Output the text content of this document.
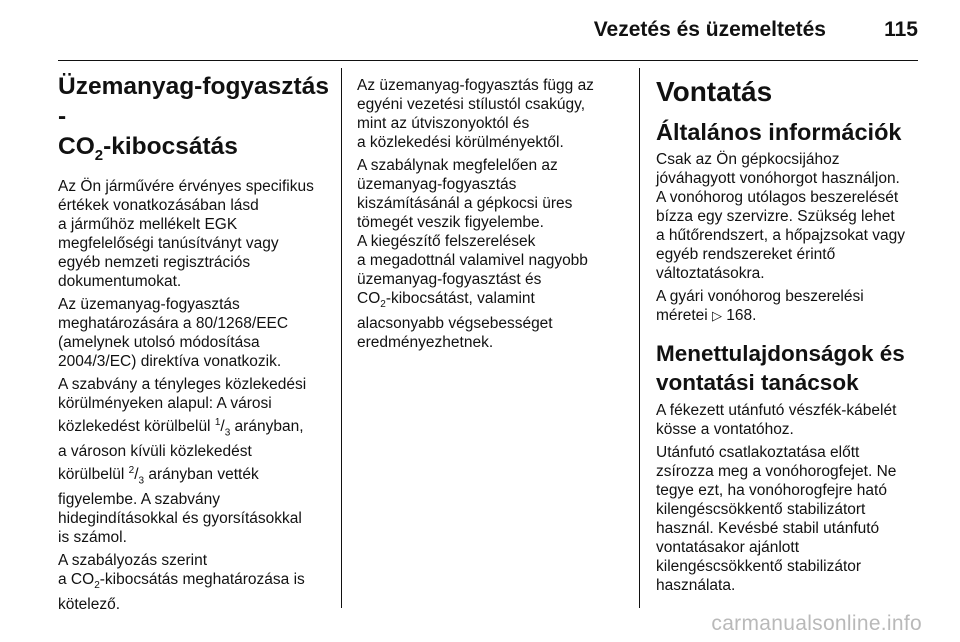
Vezetés és üzemeltetés	115
Üzemanyag-fogyasztás -
$CO_2$-kibocsátás

Az Ön járművére érvényes specifikus
értékek vonatkozásában lásd
a járműhöz mellékelt EGK
megfelelőségi tanúsítványt vagy
egyéb nemzeti regisztrációs
dokumentumokat.

Az üzemanyag-fogyasztás
meghatározására a 80/1268/EEC
(amelynek utolsó módosítása
2004/3/EC) direktíva vonatkozik.

A szabvány a tényleges közlekedési
körülményeken alapul: A városi
közlekedést körülbelül $^1/_3$ arányban,
a városon kívüli közlekedést
körülbelül $^2/_3$ arányban vették
figyelembe. A szabvány
hidegindításokkal és gyorsításokkal
is számol.

A szabályozás szerint
a $CO_2$-kibocsátás meghatározása is
kötelező.

Az üzemanyag-fogyasztás függ az
egyéni vezetési stílustól csakúgy,
mint az útviszonyoktól és
a közlekedési körülményektől.

A szabálynak megfelelően az
üzemanyag-fogyasztás
kiszámításánál a gépkocsi üres
tömegét veszik figyelembe.
A kiegészítő felszerelések
a megadottnál valamivel nagyobb
üzemanyag-fogyasztást és
$CO_2$-kibocsátást, valamint
alacsonyabb végsebességet
eredményezhetnek.

Vontatás
Általános információk

Csak az Ön gépkocsijához
jóváhagyott vonóhorgot használjon.
A vonóhorog utólagos beszerelését
bízza egy szervizre. Szükség lehet
a hűtőrendszert, a hőpajzsokat vagy
egyéb rendszereket érintő
változtatásokra.

A gyári vonóhorog beszerelési
méretei ▷ 168.

Menettulajdonságok és
vontatási tanácsok

A fékezett utánfutó vészfék-kábelét
kösse a vontatóhoz.

Utánfutó csatlakoztatása előtt
zsírozza meg a vonóhorogfejet. Ne
tegye ezt, ha vonóhorogfejre ható
kilengéscsökkentő stabilizátort
használ. Kevésbé stabil utánfutó
vontatásakor ajánlott
kilengéscsökkentő stabilizátor
használata.

carmanualsonline.info
